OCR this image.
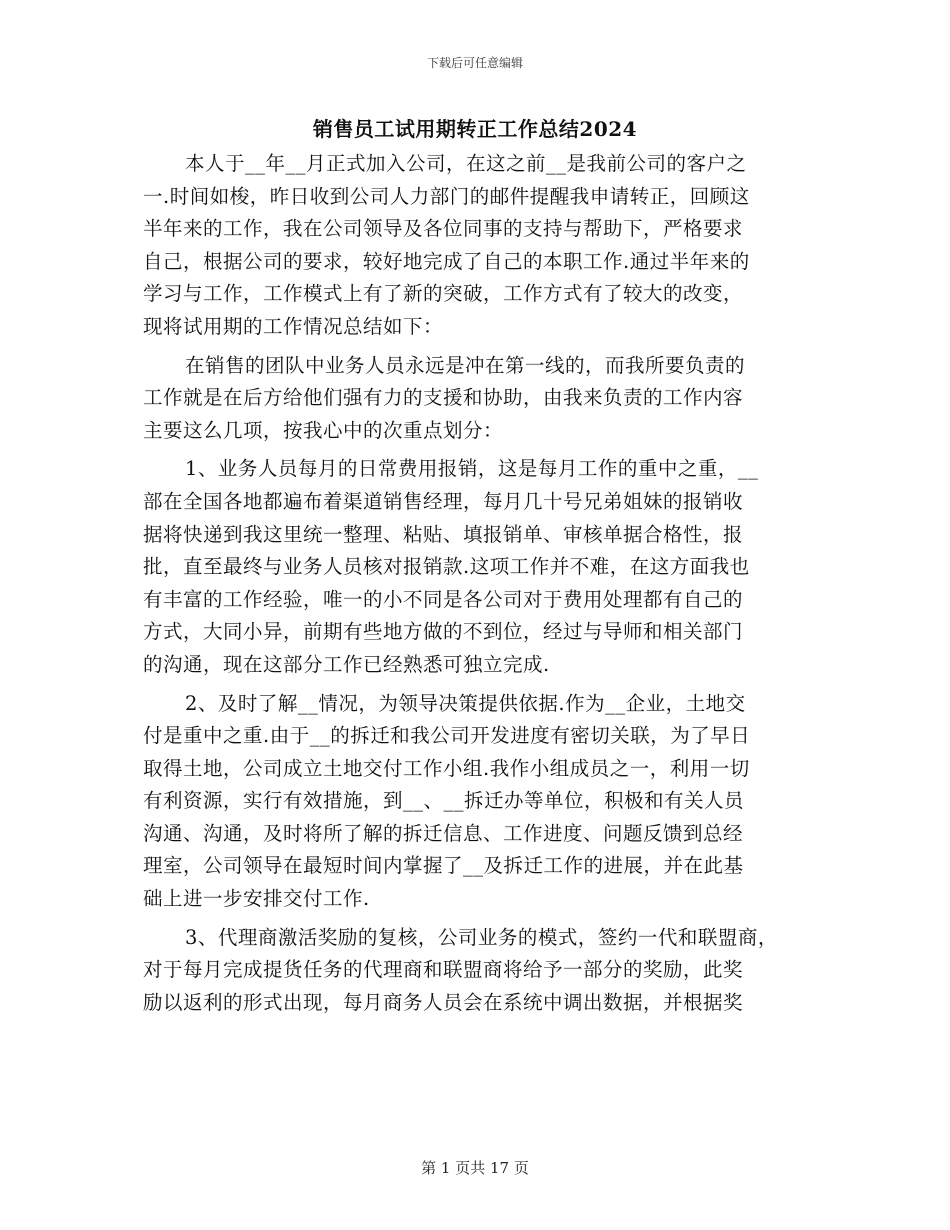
下载后可任意编辑
销售员工试用期转正工作总结2024
本人于__年__月正式加入公司，在这之前__是我前公司的客户之
一.时间如梭，昨日收到公司人力部门的邮件提醒我申请转正，回顾这
半年来的工作，我在公司领导及各位同事的支持与帮助下，严格要求
自己，根据公司的要求，较好地完成了自己的本职工作.通过半年来的
学习与工作，工作模式上有了新的突破，工作方式有了较大的改变，
现将试用期的工作情况总结如下：
在销售的团队中业务人员永远是冲在第一线的，而我所要负责的
工作就是在后方给他们强有力的支援和协助，由我来负责的工作内容
主要这么几项，按我心中的次重点划分：
1、业务人员每月的日常费用报销，这是每月工作的重中之重，__
部在全国各地都遍布着渠道销售经理，每月几十号兄弟姐妹的报销收
据将快递到我这里统一整理、粘贴、填报销单、审核单据合格性，报
批，直至最终与业务人员核对报销款.这项工作并不难，在这方面我也
有丰富的工作经验，唯一的小不同是各公司对于费用处理都有自己的
方式，大同小异，前期有些地方做的不到位，经过与导师和相关部门
的沟通，现在这部分工作已经熟悉可独立完成.
2、及时了解__情况，为领导决策提供依据.作为__企业，土地交
付是重中之重.由于__的拆迁和我公司开发进度有密切关联，为了早日
取得土地，公司成立土地交付工作小组.我作小组成员之一，利用一切
有利资源，实行有效措施，到__、__拆迁办等单位，积极和有关人员
沟通、沟通，及时将所了解的拆迁信息、工作进度、问题反馈到总经
理室，公司领导在最短时间内掌握了__及拆迁工作的进展，并在此基
础上进一步安排交付工作.
3、代理商激活奖励的复核，公司业务的模式，签约一代和联盟商，
对于每月完成提货任务的代理商和联盟商将给予一部分的奖励，此奖
励以返利的形式出现，每月商务人员会在系统中调出数据，并根据奖
第 1 页共 17 页
